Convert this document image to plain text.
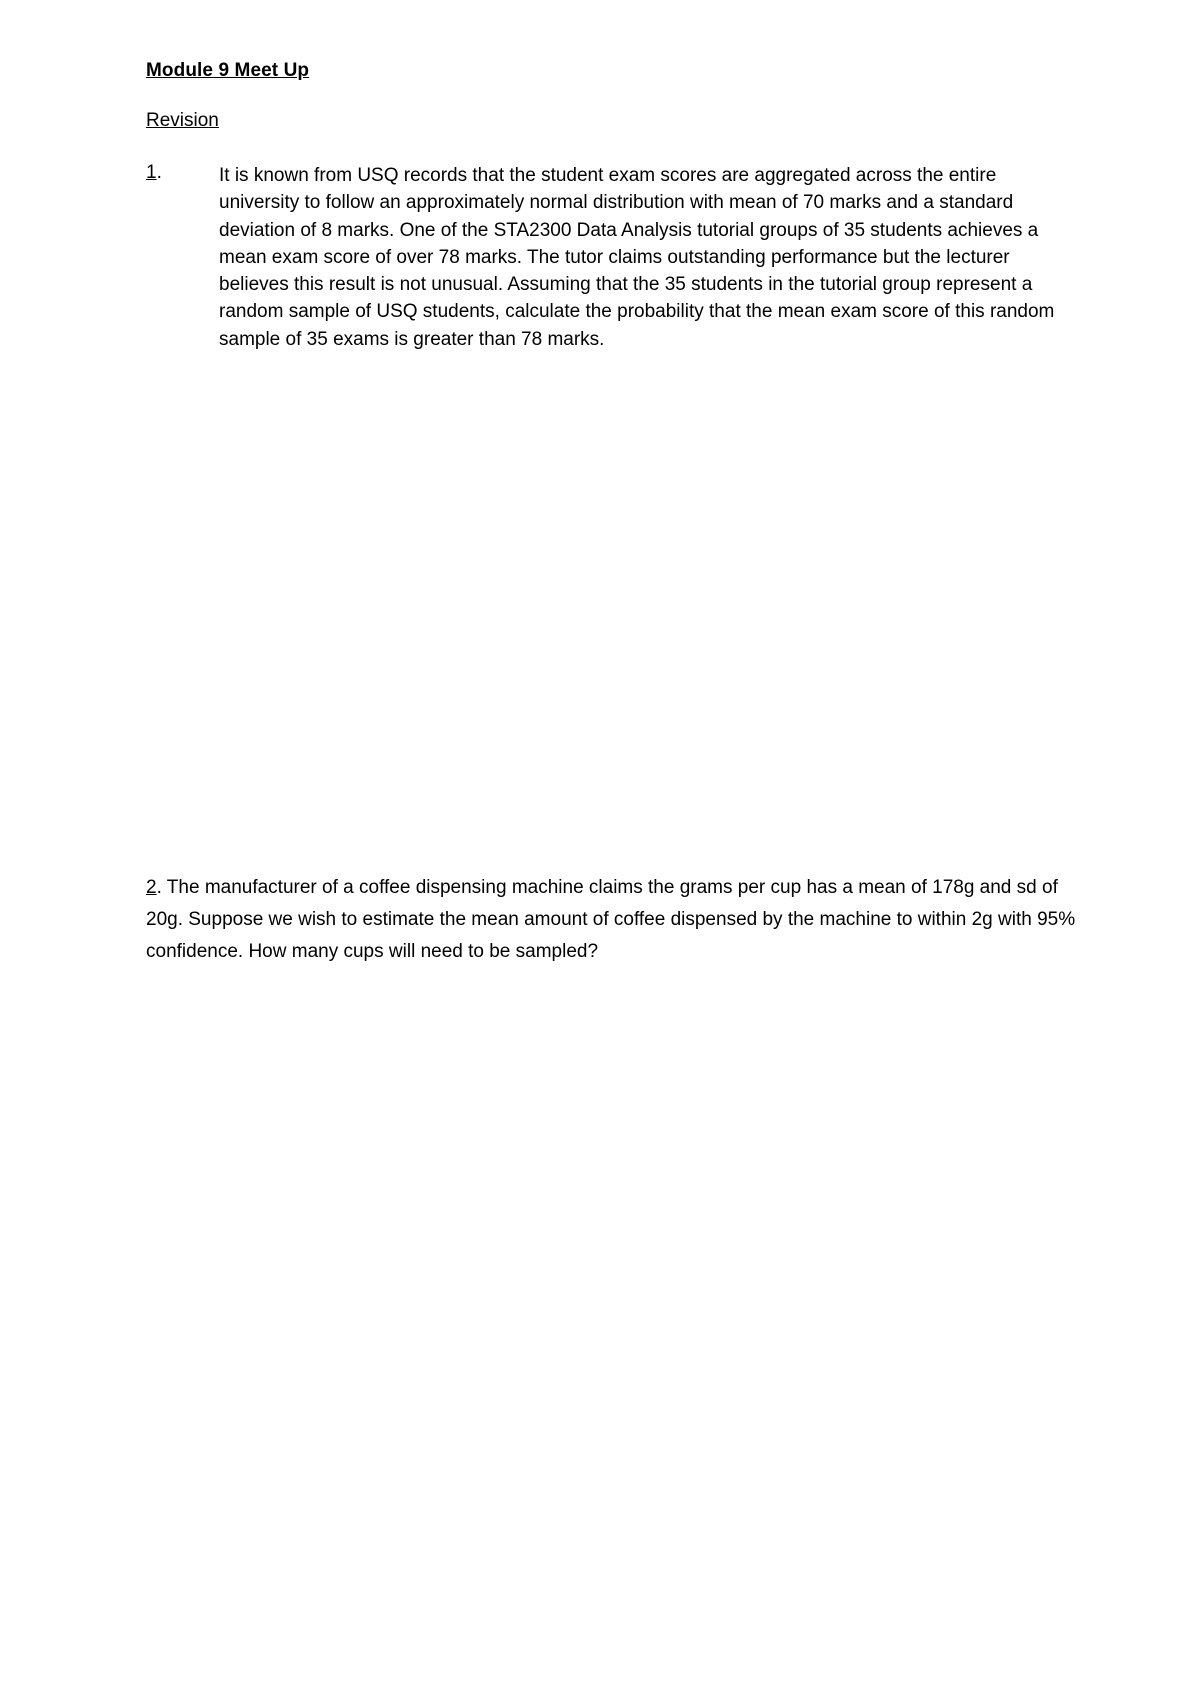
Module 9 Meet Up
Revision
1.	It is known from USQ records that the student exam scores are aggregated across the entire university to follow an approximately normal distribution with mean of 70 marks and a standard deviation of 8 marks. One of the STA2300 Data Analysis tutorial groups of 35 students achieves a mean exam score of over 78 marks. The tutor claims outstanding performance but the lecturer believes this result is not unusual. Assuming that the 35 students in the tutorial group represent a random sample of USQ students, calculate the probability that the mean exam score of this random sample of 35 exams is greater than 78 marks.
2. The manufacturer of a coffee dispensing machine claims the grams per cup has a mean of 178g and sd of 20g. Suppose we wish to estimate the mean amount of coffee dispensed by the machine to within 2g with 95% confidence. How many cups will need to be sampled?
